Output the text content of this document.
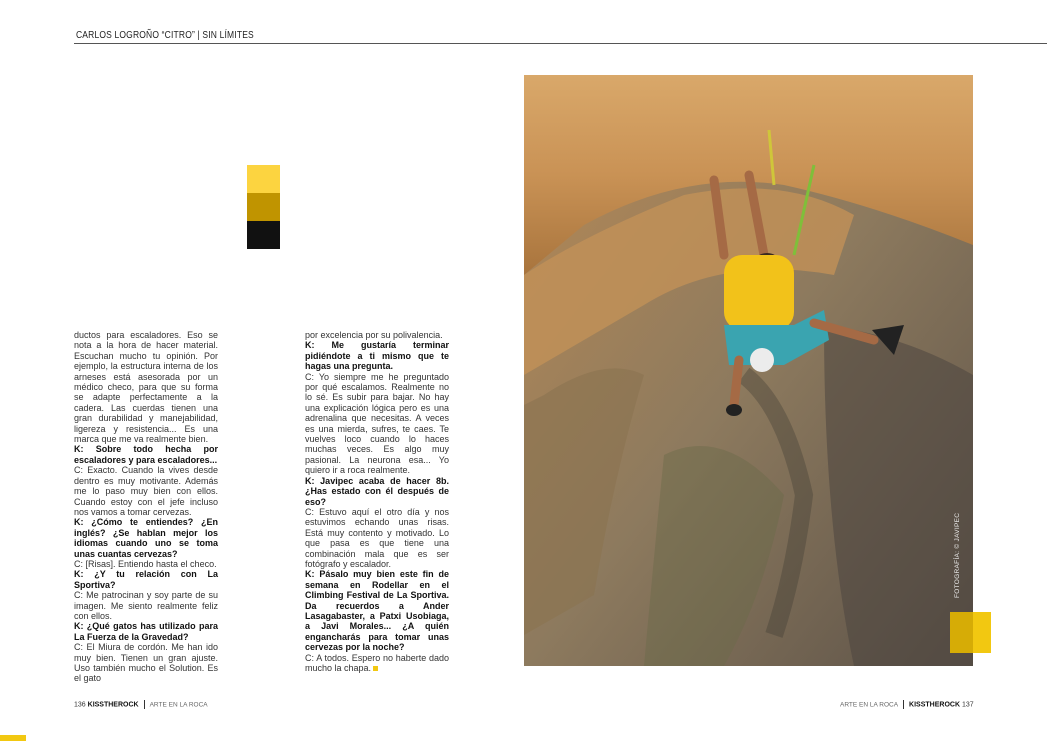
CARLOS LOGROÑO “CITRO” | SIN LÍMITES

ductos para escaladores. Eso se nota a la hora de hacer material. Escuchan mucho tu opinión. Por ejemplo, la estructura interna de los arneses está asesorada por un médico checo, para que su forma se adapte perfectamente a la cadera. Las cuerdas tienen una gran durabilidad y manejabilidad, ligereza y resistencia... Es una marca que me va realmente bien.

K: Sobre todo hecha por escaladores y para escaladores...

C: Exacto. Cuando la vives desde dentro es muy motivante. Además me lo paso muy bien con ellos. Cuando estoy con el jefe incluso nos vamos a tomar cervezas.

K: ¿Cómo te entiendes? ¿En inglés? ¿Se hablan mejor los idiomas cuando uno se toma unas cuantas cervezas?

C: [Risas]. Entiendo hasta el checo.

K: ¿Y tu relación con La Sportiva?

C: Me patrocinan y soy parte de su imagen. Me siento realmente feliz con ellos.

K: ¿Qué gatos has utilizado para La Fuerza de la Gravedad?

C: El Miura de cordón. Me han ido muy bien. Tienen un gran ajuste. Uso también mucho el Solution. Es el gato

por excelencia por su polivalencia.

K: Me gustaría terminar pidiéndote a ti mismo que te hagas una pregunta.

C: Yo siempre me he preguntado por qué escalamos. Realmente no lo sé. Es subir para bajar. No hay una explicación lógica pero es una adrenalina que necesitas. A veces es una mierda, sufres, te caes. Te vuelves loco cuando lo haces muchas veces. Es algo muy pasional. La neurona esa... Yo quiero ir a roca realmente.

K: Javipec acaba de hacer 8b. ¿Has estado con él después de eso?

C: Estuvo aquí el otro día y nos estuvimos echando unas risas. Está muy contento y motivado. Lo que pasa es que tiene una combinación mala que es ser fotógrafo y escalador.

K: Pásalo muy bien este fin de semana en Rodellar en el Climbing Festival de La Sportiva. Da recuerdos a Ander Lasagabaster, a Patxi Usobiaga, a Javi Morales... ¿A quién engancharás para tomar unas cervezas por la noche?

C: A todos. Espero no haberte dado mucho la chapa.

FOTOGRAFÍA: © JAVIPEC
136 KISSTHEROCK ARTE EN LA ROCA	ARTE EN LA ROCA KISSTHEROCK 137
